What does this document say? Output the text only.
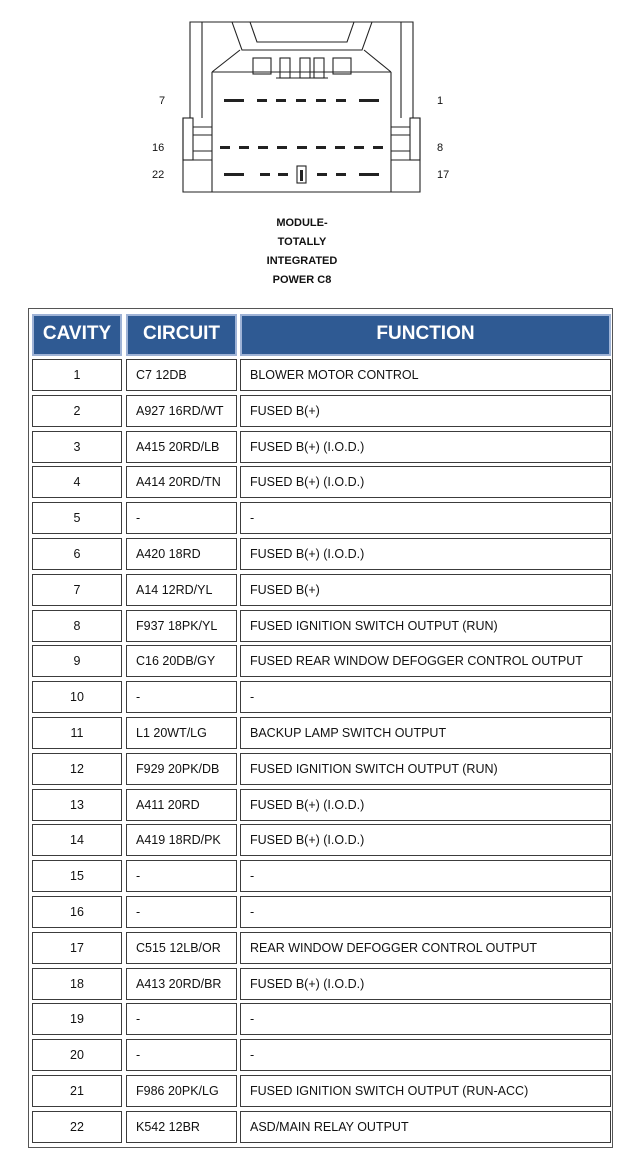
7	1
16	8
22	17
MODULE-
TOTALLY
INTEGRATED
POWER C8
CAVITY	CIRCUIT	FUNCTION
1	C7 12DB	BLOWER MOTOR CONTROL
2	A927 16RD/WT	FUSED B(+)
3	A415 20RD/LB	FUSED B(+) (I.O.D.)
4	A414 20RD/TN	FUSED B(+) (I.O.D.)
5	-	-
6	A420 18RD	FUSED B(+) (I.O.D.)
7	A14 12RD/YL	FUSED B(+)
8	F937 18PK/YL	FUSED IGNITION SWITCH OUTPUT (RUN)
9	C16 20DB/GY	FUSED REAR WINDOW DEFOGGER CONTROL OUTPUT
10	-	-
11	L1 20WT/LG	BACKUP LAMP SWITCH OUTPUT
12	F929 20PK/DB	FUSED IGNITION SWITCH OUTPUT (RUN)
13	A411 20RD	FUSED B(+) (I.O.D.)
14	A419 18RD/PK	FUSED B(+) (I.O.D.)
15	-	-
16	-	-
17	C515 12LB/OR	REAR WINDOW DEFOGGER CONTROL OUTPUT
18	A413 20RD/BR	FUSED B(+) (I.O.D.)
19	-	-
20	-	-
21	F986 20PK/LG	FUSED IGNITION SWITCH OUTPUT (RUN-ACC)
22	K542 12BR	ASD/MAIN RELAY OUTPUT
